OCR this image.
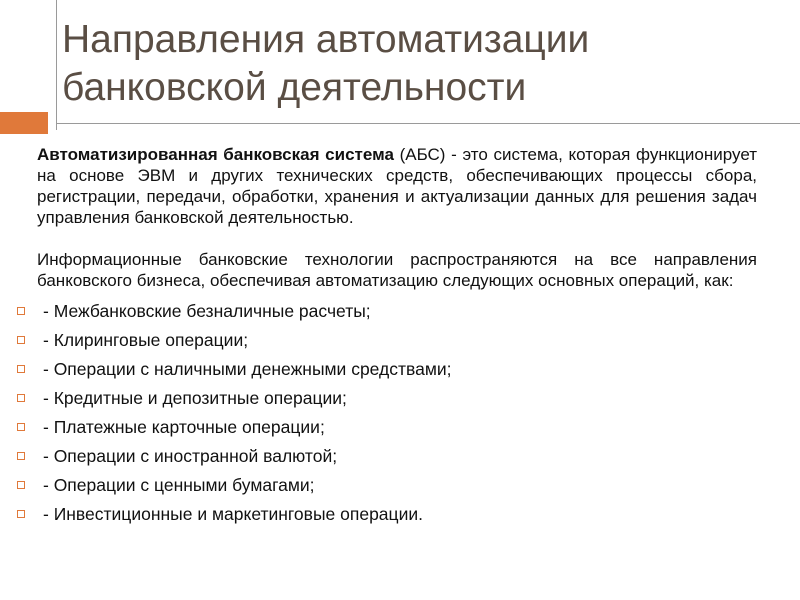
Направления автоматизации банковской деятельности

Автоматизированная банковская система (АБС) - это система, которая функционирует на основе ЭВМ и других технических средств, обеспечивающих процессы сбора, регистрации, передачи, обработки, хранения и актуализации данных для решения задач управления банковской деятельностью.

Информационные банковские технологии распространяются на все направления банковского бизнеса, обеспечивая автоматизацию следующих основных операций, как:

- Межбанковские безналичные расчеты;
- Клиринговые операции;
- Операции с наличными денежными средствами;
- Кредитные и депозитные операции;
- Платежные карточные операции;
- Операции с иностранной валютой;
- Операции с ценными бумагами;
- Инвестиционные и маркетинговые операции.
